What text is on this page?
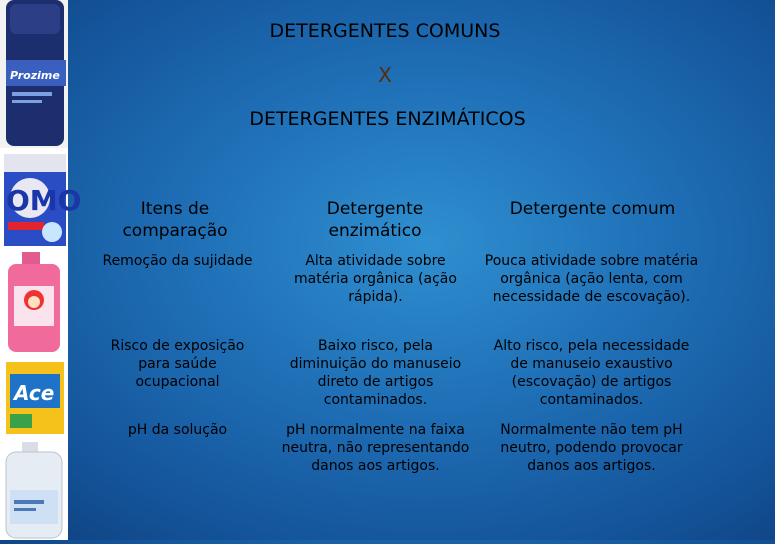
Prozime
OMO
Ace
DETERGENTES COMUNS
X
DETERGENTES ENZIMÁTICOS
Itens de comparação
Detergente enzimático
Detergente comum
Remoção da sujidade	Alta atividade sobre matéria orgânica (ação rápida).
Pouca atividade sobre matéria orgânica (ação lenta, com necessidade de escovação).
Risco de exposição para saúde ocupacional
Baixo risco, pela diminuição do manuseio direto de artigos contaminados.
Alto risco, pela necessidade de manuseio exaustivo (escovação) de artigos contaminados.
pH da solução	pH normalmente na faixa neutra, não representando danos aos artigos.
Normalmente não tem pH neutro, podendo provocar danos aos artigos.
